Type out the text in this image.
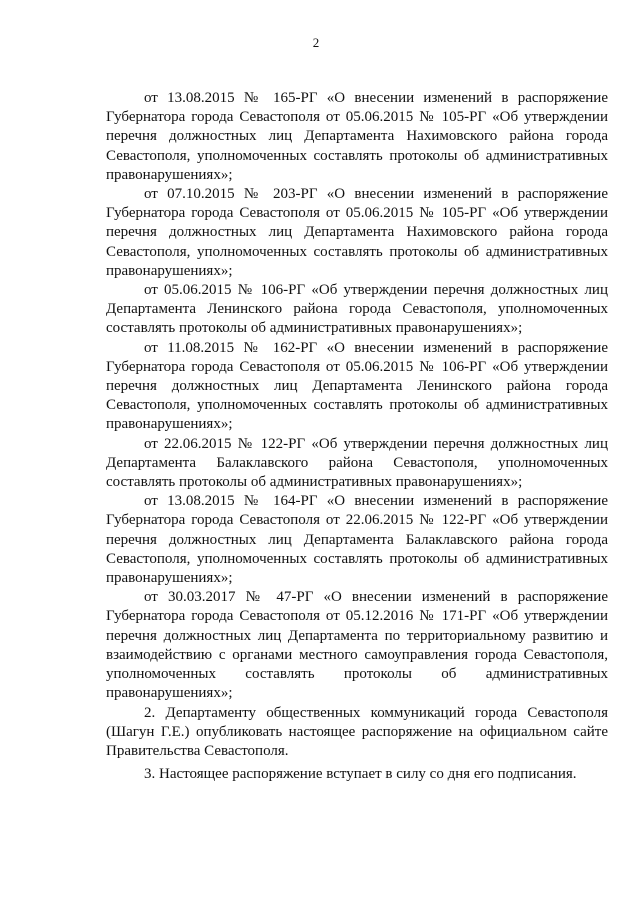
2

от 13.08.2015 № 165-РГ «О внесении изменений в распоряжение Губернатора города Севастополя от 05.06.2015 № 105-РГ «Об утверждении перечня должностных лиц Департамента Нахимовского района города Севастополя, уполномоченных составлять протоколы об административных правонарушениях»;

от 07.10.2015 № 203-РГ «О внесении изменений в распоряжение Губернатора города Севастополя от 05.06.2015 № 105-РГ «Об утверждении перечня должностных лиц Департамента Нахимовского района города Севастополя, уполномоченных составлять протоколы об административных правонарушениях»;

от 05.06.2015 № 106-РГ «Об утверждении перечня должностных лиц Департамента Ленинского района города Севастополя, уполномоченных составлять протоколы об административных правонарушениях»;

от 11.08.2015 № 162-РГ «О внесении изменений в распоряжение Губернатора города Севастополя от 05.06.2015 № 106-РГ «Об утверждении перечня должностных лиц Департамента Ленинского района города Севастополя, уполномоченных составлять протоколы об административных правонарушениях»;

от 22.06.2015 № 122-РГ «Об утверждении перечня должностных лиц Департамента Балаклавского района Севастополя, уполномоченных составлять протоколы об административных правонарушениях»;

от 13.08.2015 № 164-РГ «О внесении изменений в распоряжение Губернатора города Севастополя от 22.06.2015 № 122-РГ «Об утверждении перечня должностных лиц Департамента Балаклавского района города Севастополя, уполномоченных составлять протоколы об административных правонарушениях»;

от 30.03.2017 № 47-РГ «О внесении изменений в распоряжение Губернатора города Севастополя от 05.12.2016 № 171-РГ «Об утверждении перечня должностных лиц Департамента по территориальному развитию и взаимодействию с органами местного самоуправления города Севастополя, уполномоченных составлять протоколы об административных правонарушениях»;

2. Департаменту общественных коммуникаций города Севастополя (Шагун Г.Е.) опубликовать настоящее распоряжение на официальном сайте Правительства Севастополя.

3. Настоящее распоряжение вступает в силу со дня его подписания.
